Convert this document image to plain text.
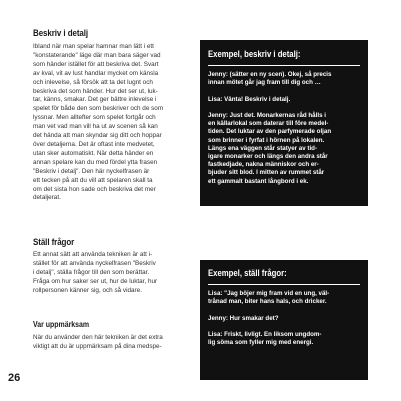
Beskriv i detalj
Ibland när man spelar hamnar man lätt i ett
"konstaterande" läge där man bara säger vad
som händer istället för att beskriva det. Svart
av kval, vit av lust handlar mycket om känsla
och inlevelse, så försök att ta det lugnt och
beskriva det som händer. Hur det ser ut, luk-
tar, känns, smakar. Det ger bättre inlevelse i
spelet för både den som beskriver och de som
lyssnar. Men alltefter som spelet fortgår och
man vet vad man vill ha ut av scenen så kan
det hända att man skyndar sig ditt och hoppar
över detaljerna. Det är oftast inte medvetet,
utan sker automatiskt. När detta händer en
annan spelare kan du med fördel ytta frasen
"Beskriv i detalj". Den här nyckelfrasen är
ett tecken på att du vill att spelaren skall ta
om det sista hon sade och beskriva det mer
detaljerat.
Exempel, beskriv i detalj:
Jenny: (sätter en ny scen). Okej, så precis
innan mötet går jag fram till dig och …
Lisa: Vänta! Beskriv i detalj.
Jenny: Just det. Monarkernas råd hålls i
en källarlokal som daterar till före medel-
tiden. Det luktar av den parfymerade oljan
som brinner i fyrfat i hörnen på lokalen.
Längs ena väggen står statyer av tid-
igare monarker och längs den andra står
fastkedjade, nakna människor och er-
bjuder sitt blod. I mitten av rummet står
ett gammalt bastant långbord i ek.
Ställ frågor
Ett annat sätt att använda tekniken är att i-
stället för att använda nyckelfrasen "Beskriv
i detalj", ställa frågor till den som berättar.
Fråga om hur saker ser ut, hur de luktar, hur
rollpersonen känner sig, och så vidare.
Exempel, ställ frågor:
Lisa: "Jag böjer mig fram vid en ung, väl-
trånad man, biter hans hals, och dricker.
Jenny: Hur smakar det?
Lisa: Friskt, livligt. En liksom ungdom-
lig söma som fyller mig med energi.
Var uppmärksam
När du använder den här tekniken är det extra
viktigt att du är uppmärksam på dina medspe-
26
